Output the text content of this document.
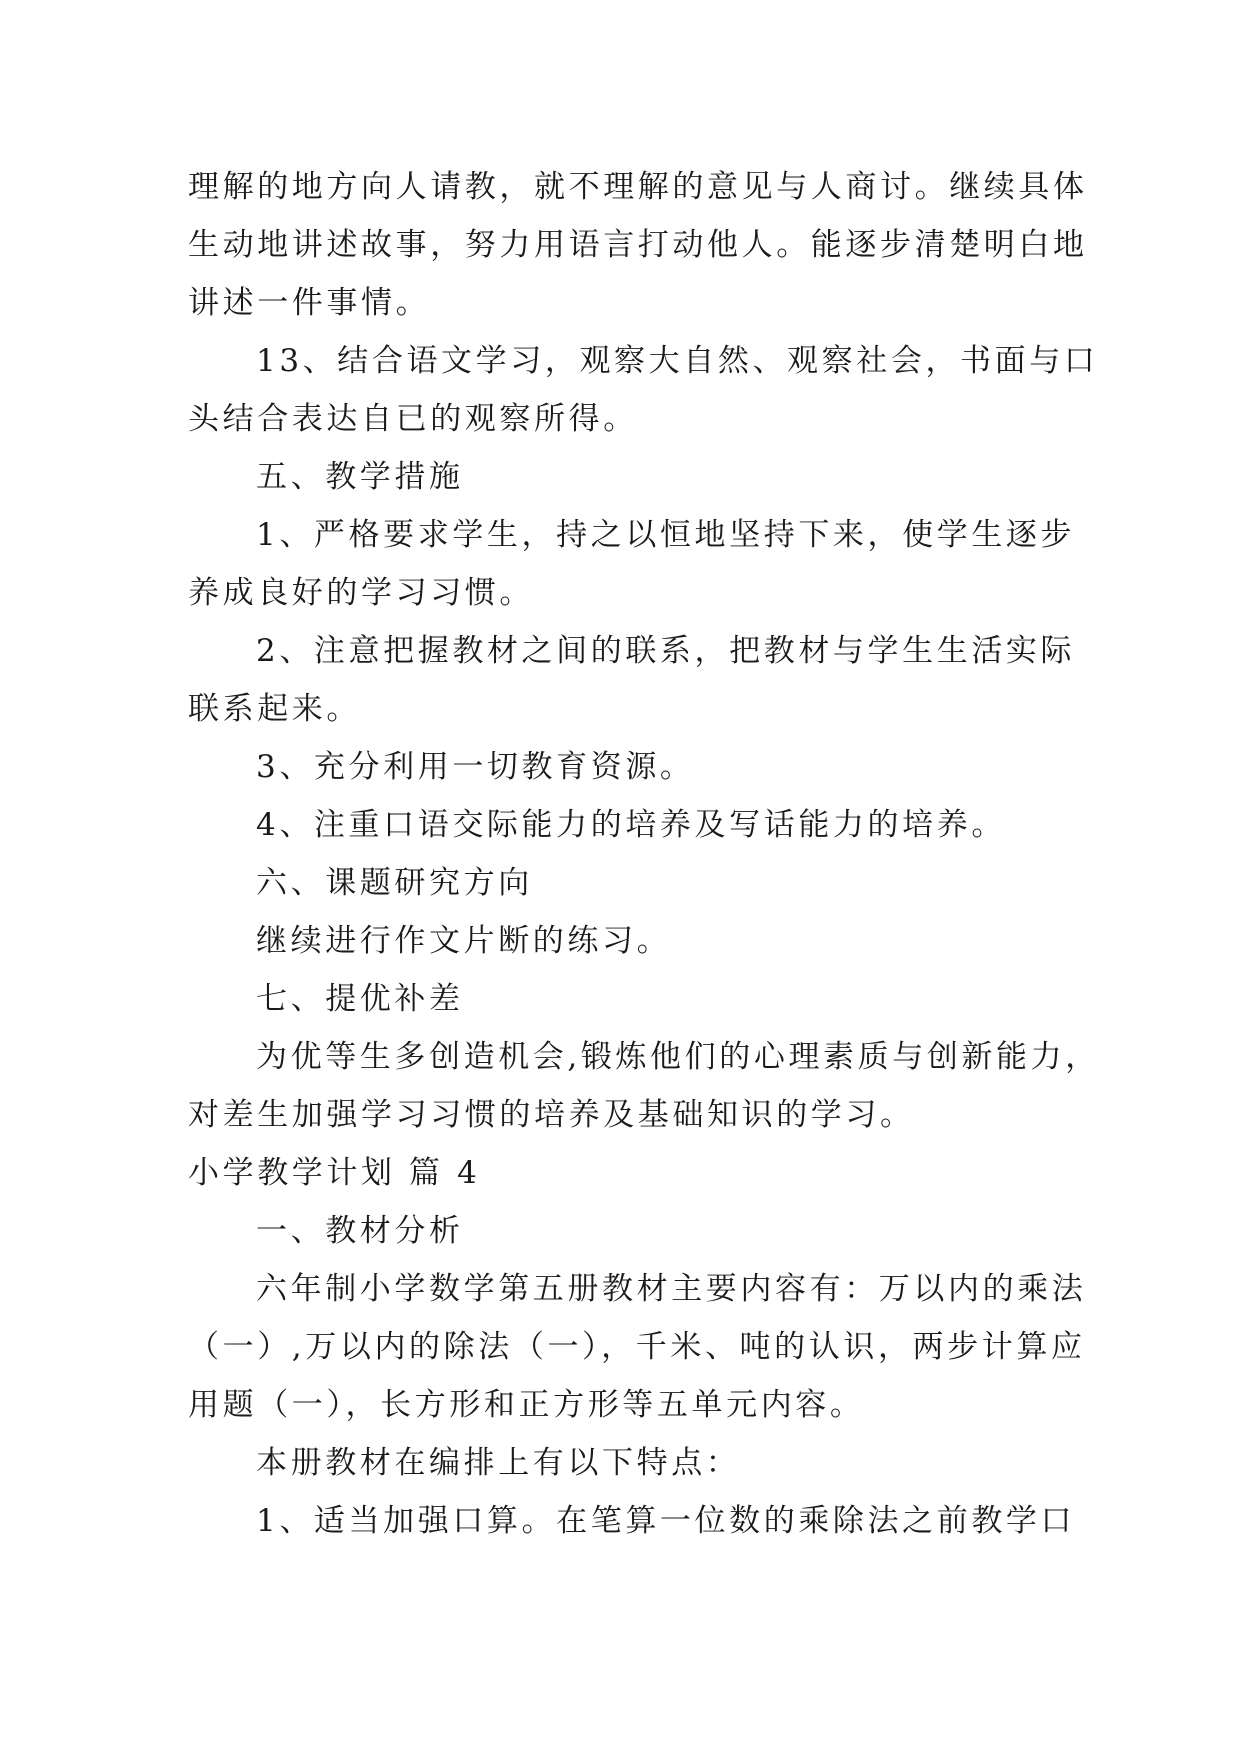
理解的地方向人请教，就不理解的意见与人商讨。继续具体
生动地讲述故事，努力用语言打动他人。能逐步清楚明白地
讲述一件事情。
13、结合语文学习，观察大自然、观察社会，书面与口
头结合表达自已的观察所得。
五、教学措施
1、严格要求学生，持之以恒地坚持下来，使学生逐步
养成良好的学习习惯。
2、注意把握教材之间的联系，把教材与学生生活实际
联系起来。
3、充分利用一切教育资源。
4、注重口语交际能力的培养及写话能力的培养。
六、课题研究方向
继续进行作文片断的练习。
七、提优补差
为优等生多创造机会,锻炼他们的心理素质与创新能力，
对差生加强学习习惯的培养及基础知识的学习。
小学教学计划 篇 4
一、教材分析
六年制小学数学第五册教材主要内容有：万以内的乘法
（一）,万以内的除法（一），千米、吨的认识，两步计算应
用题（一），长方形和正方形等五单元内容。
本册教材在编排上有以下特点：
1、适当加强口算。在笔算一位数的乘除法之前教学口
